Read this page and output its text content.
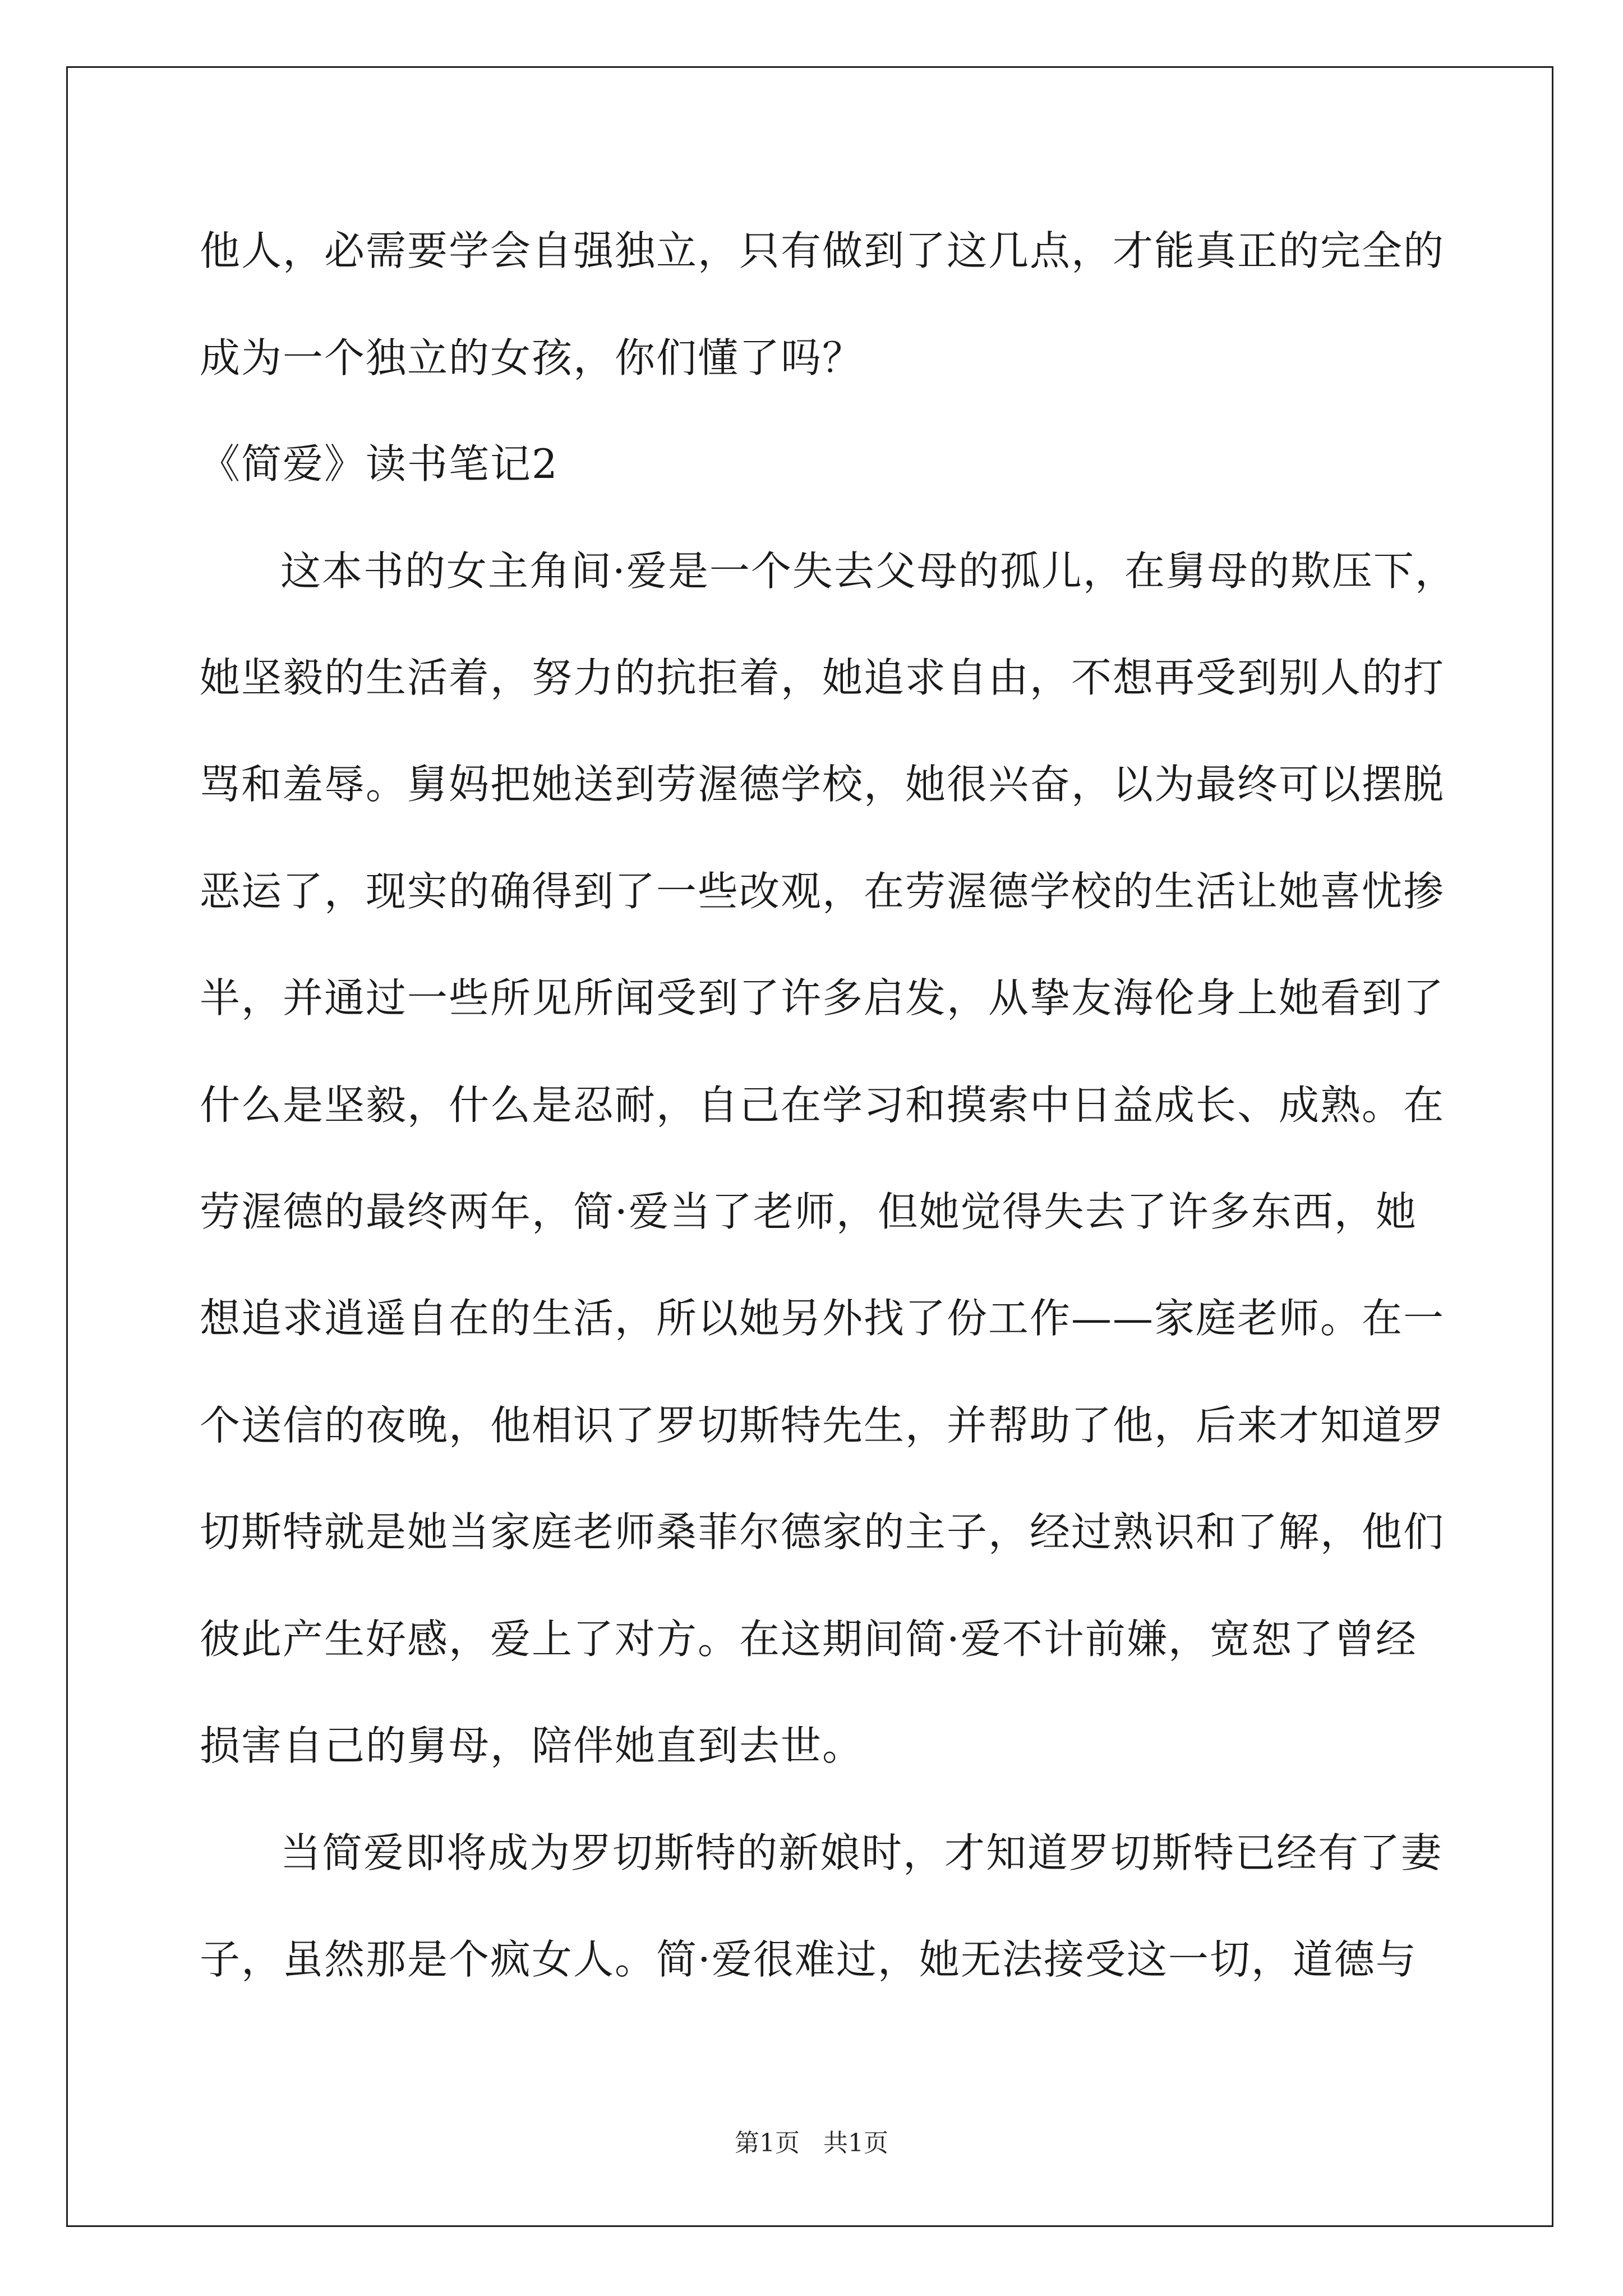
他人，必需要学会自强独立，只有做到了这几点，才能真正的完全的
成为一个独立的女孩，你们懂了吗？
《简爱》读书笔记2
这本书的女主角间·爱是一个失去父母的孤儿，在舅母的欺压下，
她坚毅的生活着，努力的抗拒着，她追求自由，不想再受到别人的打
骂和羞辱。舅妈把她送到劳渥德学校，她很兴奋，以为最终可以摆脱
恶运了，现实的确得到了一些改观，在劳渥德学校的生活让她喜忧掺
半，并通过一些所见所闻受到了许多启发，从挚友海伦身上她看到了
什么是坚毅，什么是忍耐，自己在学习和摸索中日益成长、成熟。在
劳渥德的最终两年，简·爱当了老师，但她觉得失去了许多东西，她
想追求逍遥自在的生活，所以她另外找了份工作——家庭老师。在一
个送信的夜晚，他相识了罗切斯特先生，并帮助了他，后来才知道罗
切斯特就是她当家庭老师桑菲尔德家的主子，经过熟识和了解，他们
彼此产生好感，爱上了对方。在这期间简·爱不计前嫌，宽恕了曾经
损害自己的舅母，陪伴她直到去世。
当简爱即将成为罗切斯特的新娘时，才知道罗切斯特已经有了妻
子，虽然那是个疯女人。简·爱很难过，她无法接受这一切，道德与
第1页 共1页
